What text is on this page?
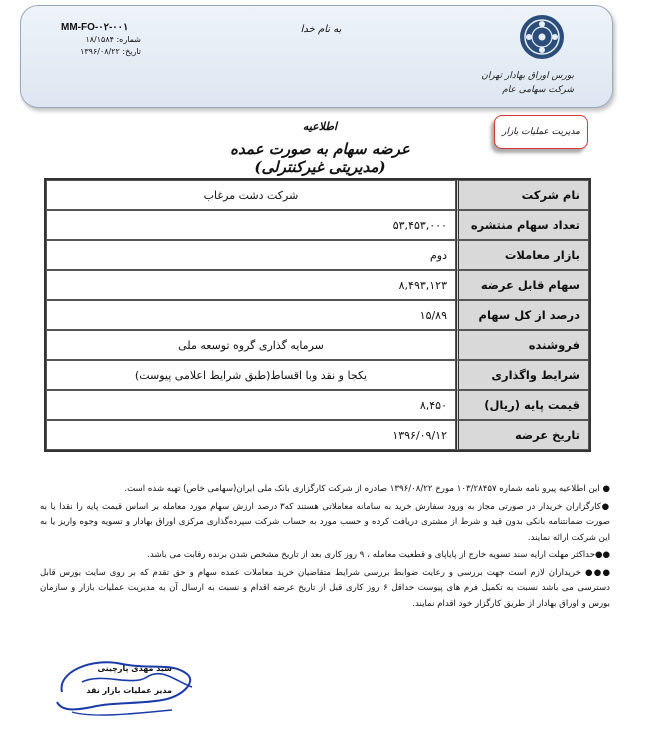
بورس اوراق بهادار تهران
شرکت سهامی عام
به نام خدا
MM-FO-۰۲-۰۰۱
شماره: ۱۸/۱۵۸۴
تاریخ: ۱۳۹۶/۰۸/۲۲
مدیریت عملیات بازار
اطلاعیه
عرضه سهام به صورت عمده (مدیریتی غیرکنترلی)
نام شرکت	شرکت دشت مرغاب
تعداد سهام منتشره	۵۳,۴۵۳,۰۰۰
بازار معاملات	دوم
سهام قابل عرضه	۸,۴۹۳,۱۲۳
درصد از کل سهام	۱۵/۸۹
فروشنده	سرمایه گذاری گروه توسعه ملی
شرایط واگذاری	یکجا و نقد وبا اقساط(طبق شرایط اعلامی پیوست)
قیمت پایه (ریال)	۸,۴۵۰
تاریخ عرضه	۱۳۹۶/۰۹/۱۲

● این اطلاعیه پیرو نامه شماره ۱۰۳/۲۸۴۵۷ مورخ ۱۳۹۶/۰۸/۲۲ صادره از شرکت کارگزاری بانک ملی ایران(سهامی خاص) تهیه شده است.

●کارگزاران خریدار در صورتی مجاز به ورود سفارش خرید به سامانه معاملاتی هستند که۳ درصد ارزش سهام مورد معامله بر اساس قیمت پایه را نقدا یا به صورت ضمانتنامه بانکی بدون قید و شرط از مشتری دریافت کرده و حسب مورد به حساب شرکت سپرده‌گذاری مرکزی اوراق بهادار و تسویه وجوه واریز یا به این شرکت ارائه نمایند.

●●حداکثر مهلت ارایه سند تسویه خارج از پایاپای و قطعیت معامله ، ۹ روز کاری بعد از تاریخ مشخص شدن برنده رقابت می باشد.

●●● خریداران لازم است جهت بررسی و رعایت ضوابط بررسی شرایط متقاضیان خرید معاملات عمده سهام و حق تقدم که بر روی سایت بورس قابل دسترسی می باشد نسبت به تکمیل فرم های پیوست حداقل ۶ روز کاری قبل از تاریخ عرضه اقدام و نسبت به ارسال آن به مدیریت عملیات بازار و سازمان بورس و اوراق بهادار از طریق کارگزار خود اقدام نمایند.

سید مهدی پارچینی
مدیر عملیات بازار نقد
